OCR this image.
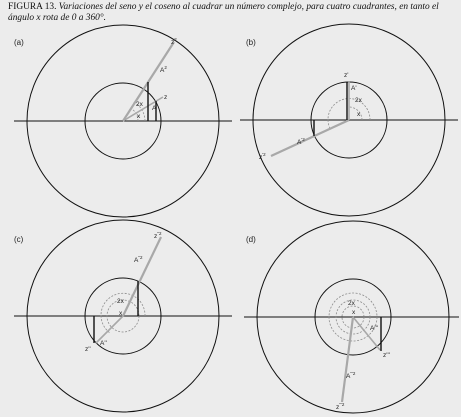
FIGURA 13. Variaciones del seno y el coseno al cuadrar un número complejo, para cuatro cuadrantes, en tanto el ángulo x rota de 0 a 360°.
(a)	$z^2$
$A^2$
z
A
2x
x
(b)
z'
A'
2x
x
$z^{'2}$
$A^{'2}$
(c)	$z^{''2}$
$A^{''2}$
2x
x
z''
A''
(d)
2x
x
A'''
z'''
$A^{'''2}$
$z^{'''2}$
